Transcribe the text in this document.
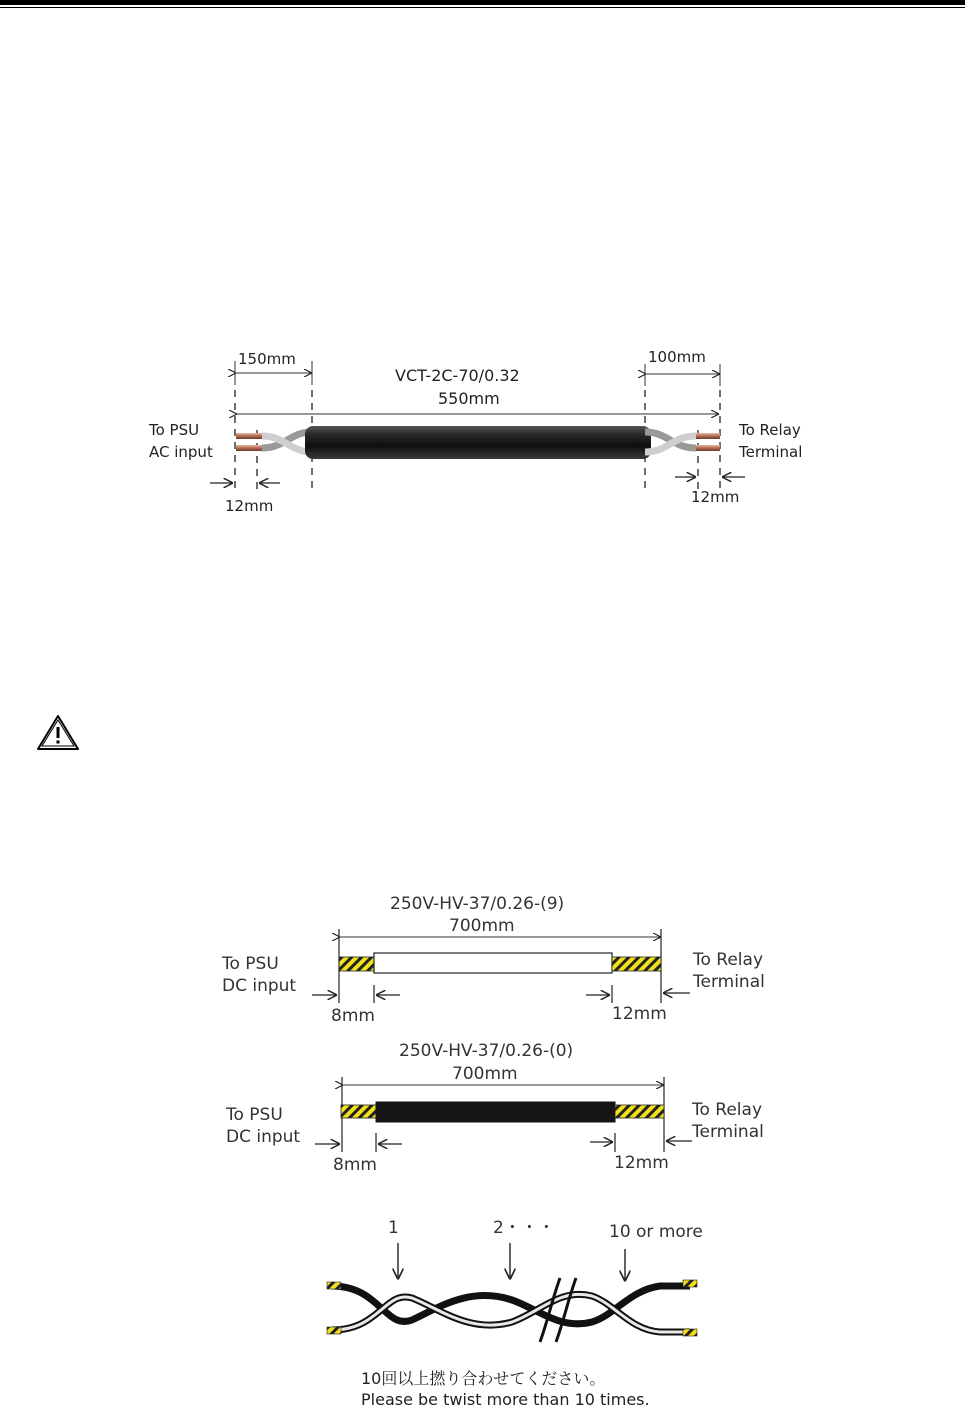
150mm	100mm
VCT-2C-70/0.32
550mm
To PSU
AC input
To Relay
Terminal
12mm	12mm
250V-HV-37/0.26-(9)
700mm
To PSU
DC input
To Relay
Terminal
8mm	12mm
250V-HV-37/0.26-(0)
700mm
To PSU
DC input
To Relay
Terminal
8mm	12mm
1	2・・・	10 or more
10回以上撚り合わせてください。
Please be twist more than 10 times.
